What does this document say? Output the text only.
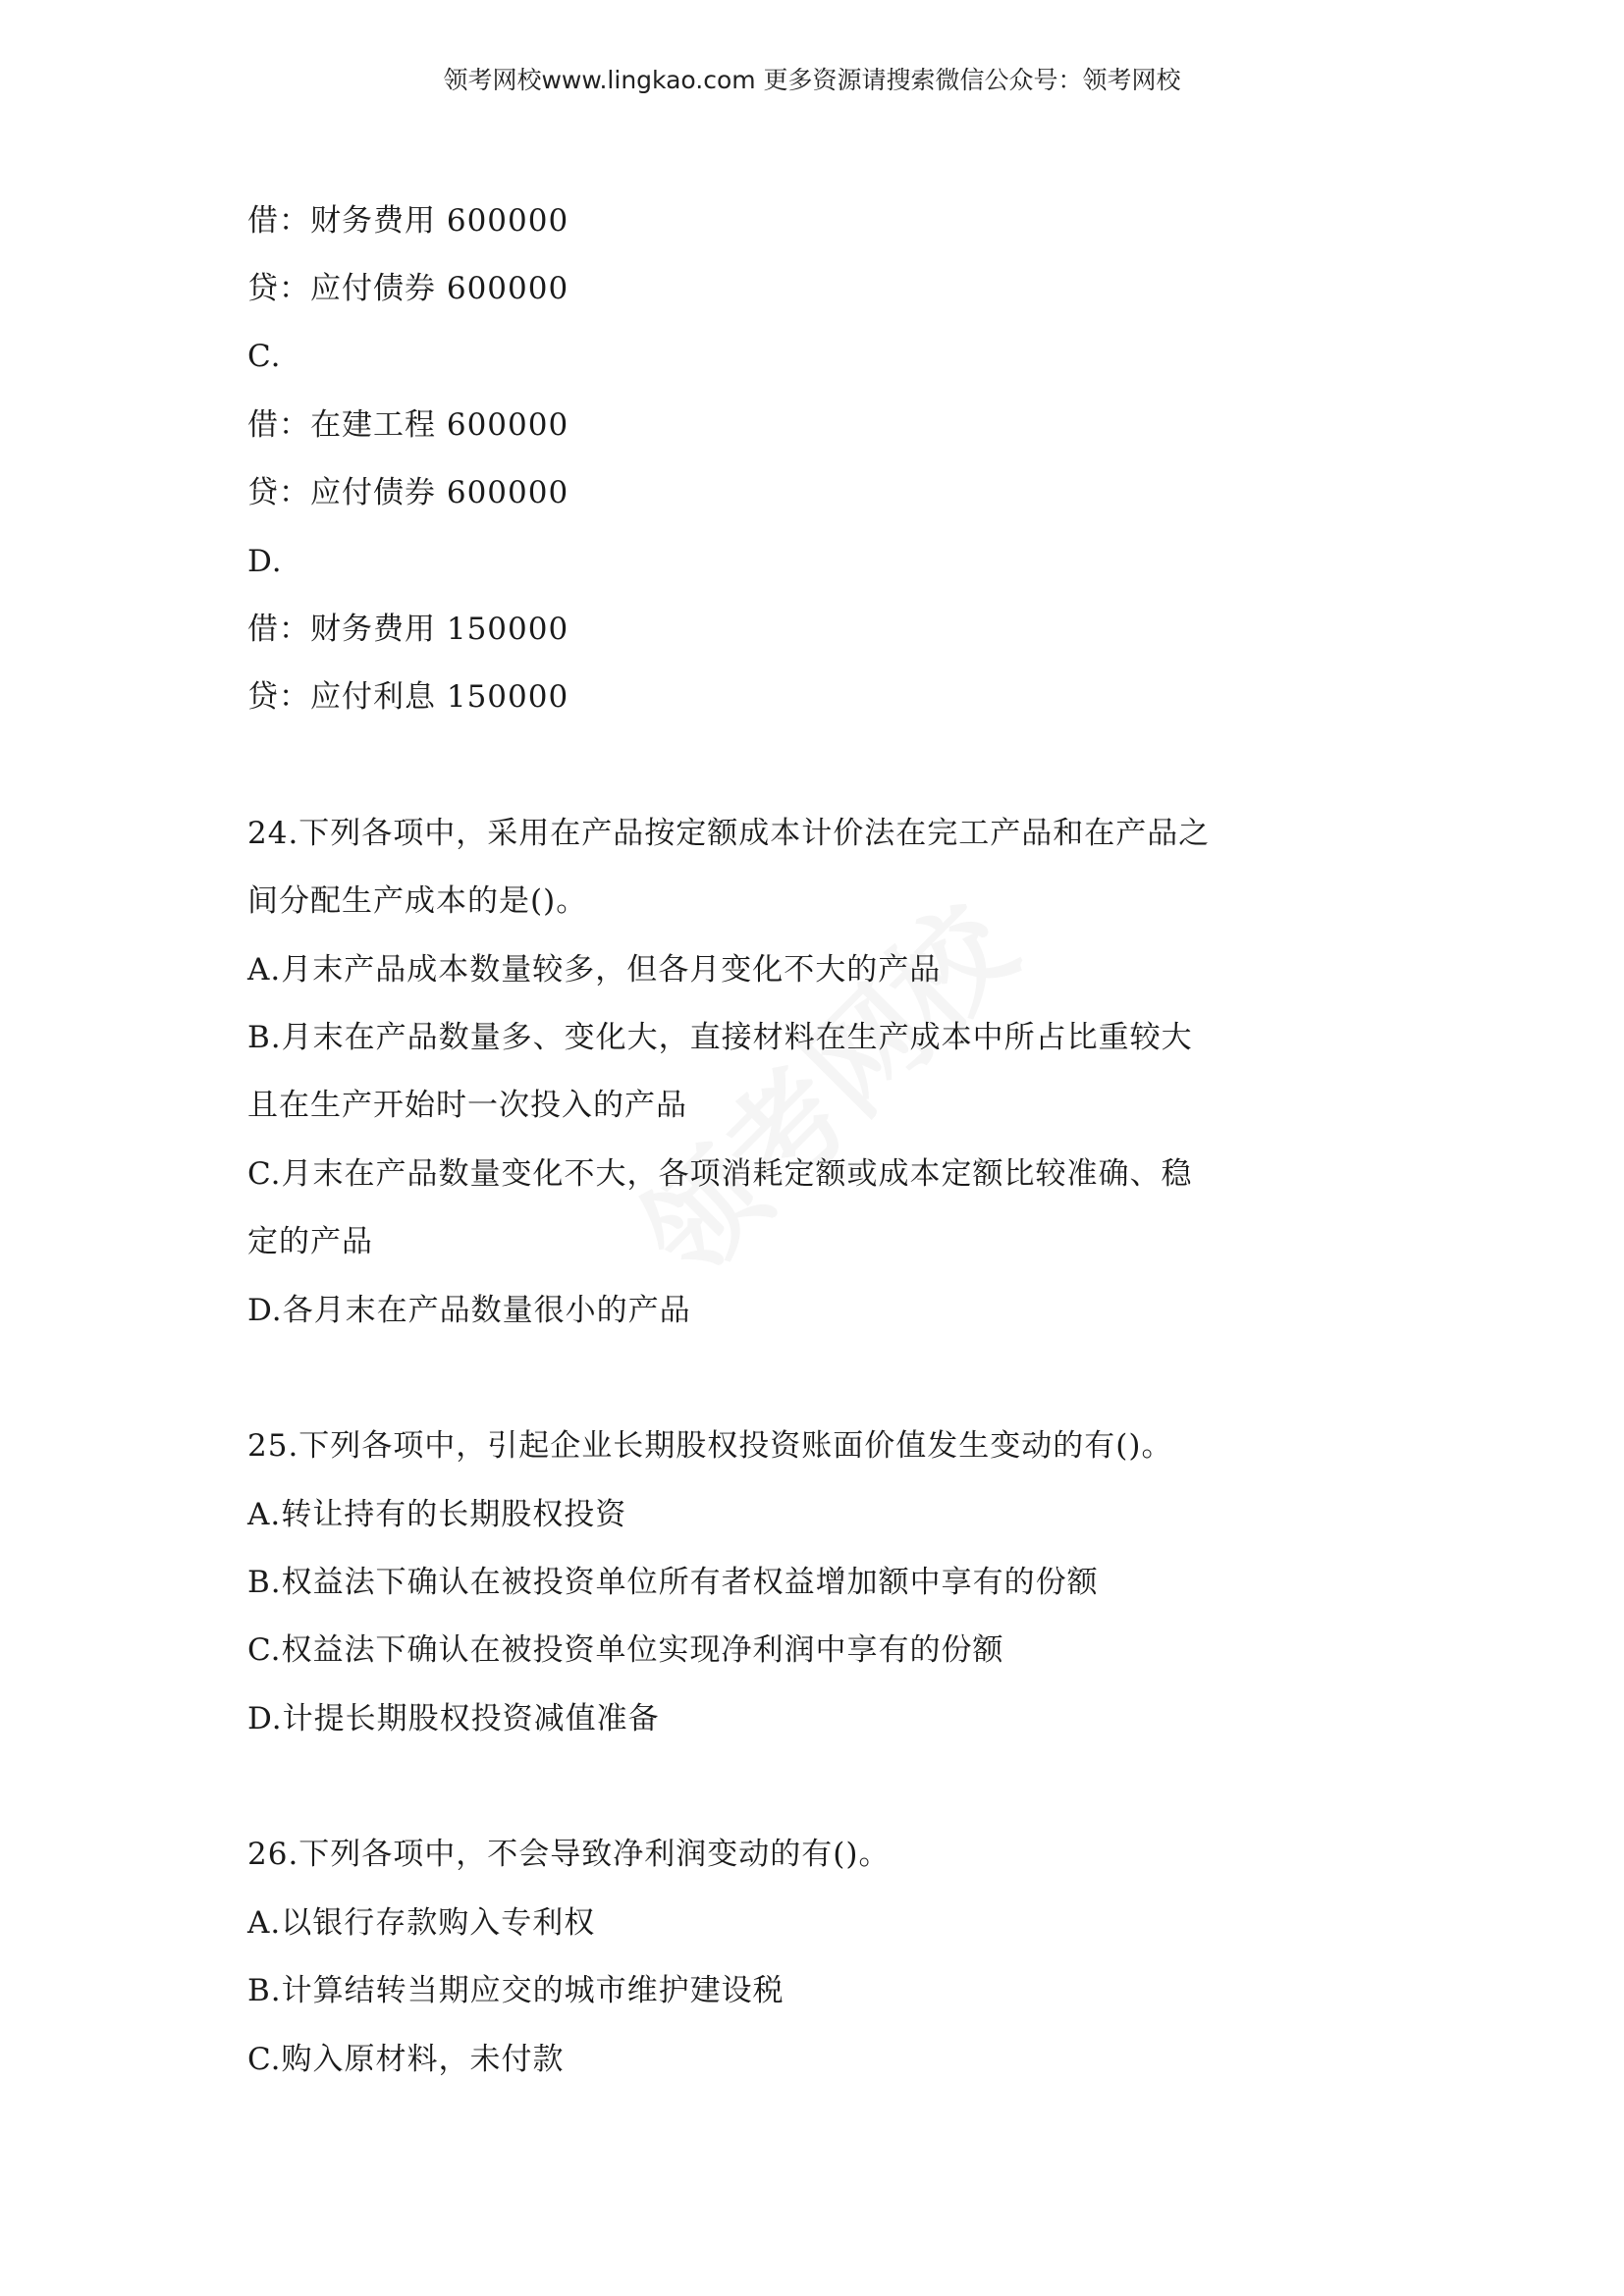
领考网校www.lingkao.com 更多资源请搜索微信公众号：领考网校
借：财务费用 600000
贷：应付债券 600000
C.
借：在建工程 600000
贷：应付债券 600000
D.
借：财务费用 150000
贷：应付利息 150000
24.下列各项中，采用在产品按定额成本计价法在完工产品和在产品之
间分配生产成本的是()。
A.月末产品成本数量较多，但各月变化不大的产品
B.月末在产品数量多、变化大，直接材料在生产成本中所占比重较大
且在生产开始时一次投入的产品
C.月末在产品数量变化不大，各项消耗定额或成本定额比较准确、稳
定的产品
D.各月末在产品数量很小的产品
25.下列各项中，引起企业长期股权投资账面价值发生变动的有()。
A.转让持有的长期股权投资
B.权益法下确认在被投资单位所有者权益增加额中享有的份额
C.权益法下确认在被投资单位实现净利润中享有的份额
D.计提长期股权投资减值准备
26.下列各项中，不会导致净利润变动的有()。
A.以银行存款购入专利权
B.计算结转当期应交的城市维护建设税
C.购入原材料，未付款
